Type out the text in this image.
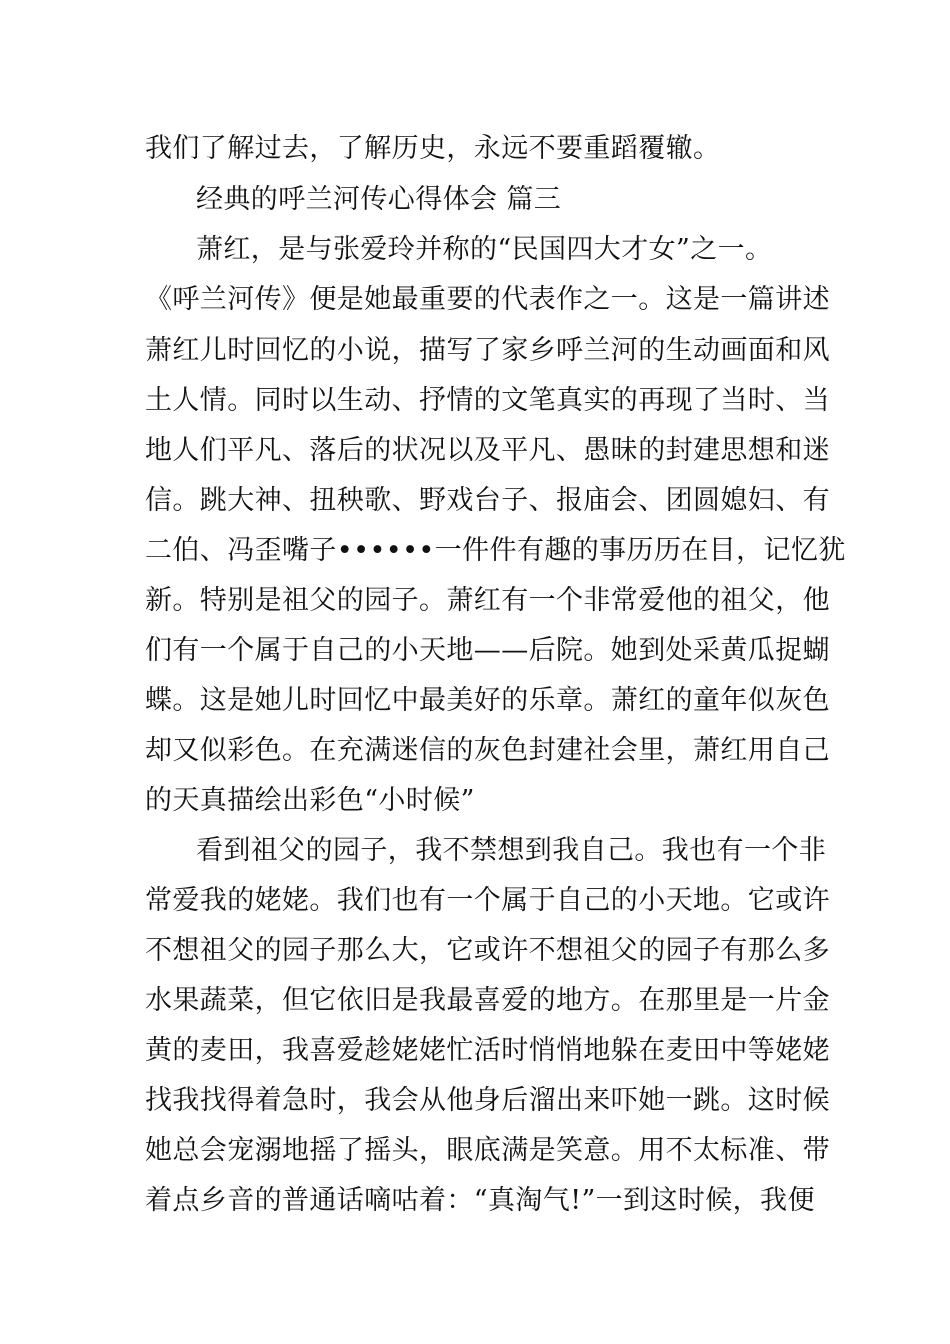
我们了解过去，了解历史，永远不要重蹈覆辙。

经典的呼兰河传心得体会 篇三

萧红，是与张爱玲并称的“民国四大才女”之一。

《呼兰河传》便是她最重要的代表作之一。这是一篇讲述

萧红儿时回忆的小说，描写了家乡呼兰河的生动画面和风

土人情。同时以生动、抒情的文笔真实的再现了当时、当

地人们平凡、落后的状况以及平凡、愚昧的封建思想和迷

信。跳大神、扭秧歌、野戏台子、报庙会、团圆媳妇、有

二伯、冯歪嘴子••••••一件件有趣的事历历在目，记忆犹

新。特别是祖父的园子。萧红有一个非常爱他的祖父，他

们有一个属于自己的小天地——后院。她到处采黄瓜捉蝴

蝶。这是她儿时回忆中最美好的乐章。萧红的童年似灰色

却又似彩色。在充满迷信的灰色封建社会里，萧红用自己

的天真描绘出彩色“小时候”

看到祖父的园子，我不禁想到我自己。我也有一个非

常爱我的姥姥。我们也有一个属于自己的小天地。它或许

不想祖父的园子那么大，它或许不想祖父的园子有那么多

水果蔬菜，但它依旧是我最喜爱的地方。在那里是一片金

黄的麦田，我喜爱趁姥姥忙活时悄悄地躲在麦田中等姥姥

找我找得着急时，我会从他身后溜出来吓她一跳。这时候

她总会宠溺地摇了摇头，眼底满是笑意。用不太标准、带

着点乡音的普通话嘀咕着：“真淘气!”一到这时候，我便
